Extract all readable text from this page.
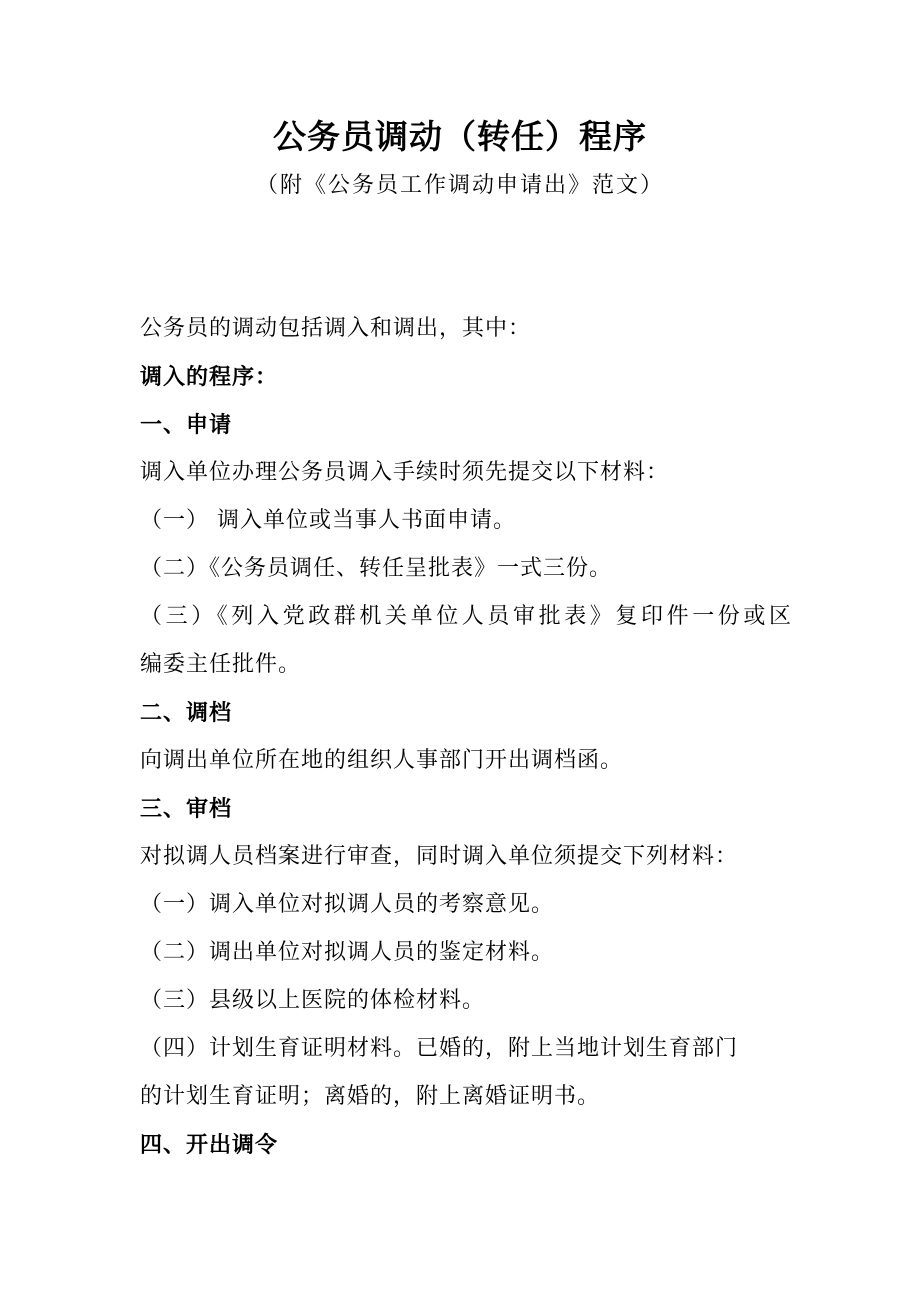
公务员调动（转任）程序
（附《公务员工作调动申请出》范文）
公务员的调动包括调入和调出，其中：
调入的程序：
一、申请
调入单位办理公务员调入手续时须先提交以下材料：
（一） 调入单位或当事人书面申请。
（二）《公务员调任、转任呈批表》一式三份。
（三）《列入党政群机关单位人员审批表》复印件一份或区
编委主任批件。
二、调档
向调出单位所在地的组织人事部门开出调档函。
三、审档
对拟调人员档案进行审查，同时调入单位须提交下列材料：
（一）调入单位对拟调人员的考察意见。
（二）调出单位对拟调人员的鉴定材料。
（三）县级以上医院的体检材料。
（四）计划生育证明材料。已婚的，附上当地计划生育部门
的计划生育证明；离婚的，附上离婚证明书。
四、开出调令
